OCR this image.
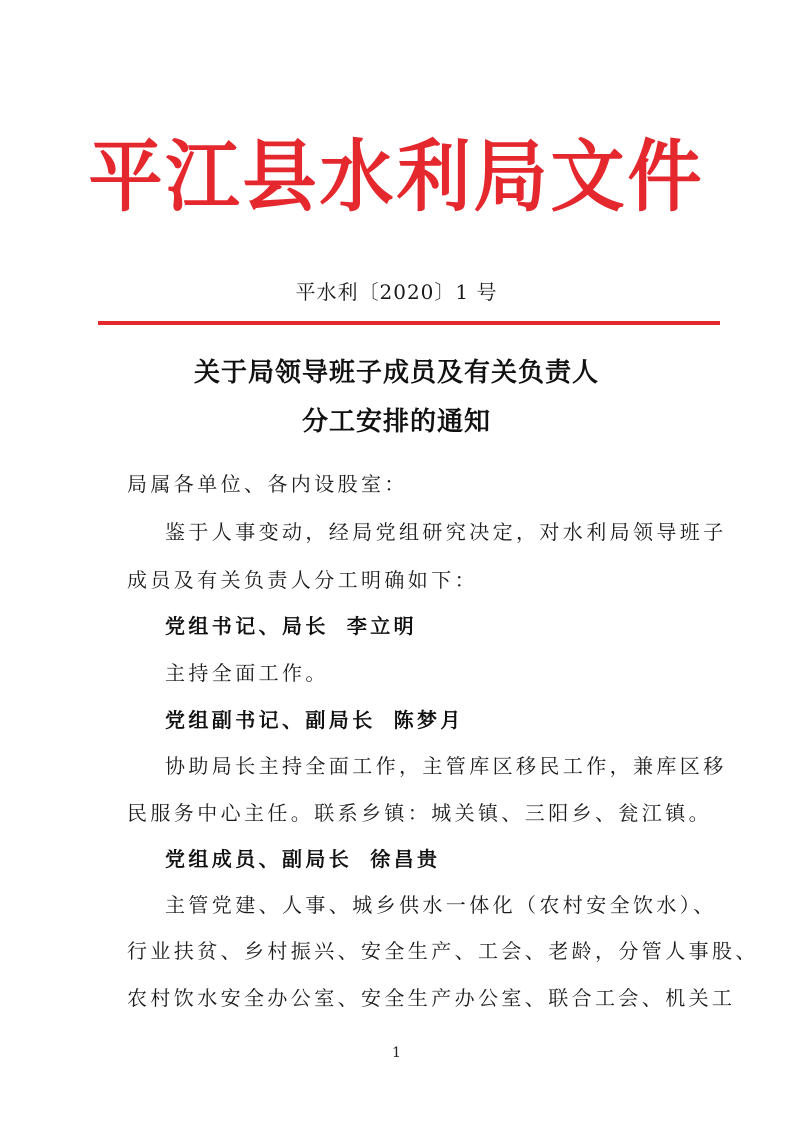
平江县水利局文件
平水利〔2020〕1 号
关于局领导班子成员及有关负责人
分工安排的通知
局属各单位、各内设股室：
鉴于人事变动，经局党组研究决定，对水利局领导班子
成员及有关负责人分工明确如下：
党组书记、局长 李立明
主持全面工作。
党组副书记、副局长 陈梦月
协助局长主持全面工作，主管库区移民工作，兼库区移
民服务中心主任。联系乡镇：城关镇、三阳乡、瓮江镇。
党组成员、副局长 徐昌贵
主管党建、人事、城乡供水一体化（农村安全饮水）、
行业扶贫、乡村振兴、安全生产、工会、老龄，分管人事股、
农村饮水安全办公室、安全生产办公室、联合工会、机关工
1
